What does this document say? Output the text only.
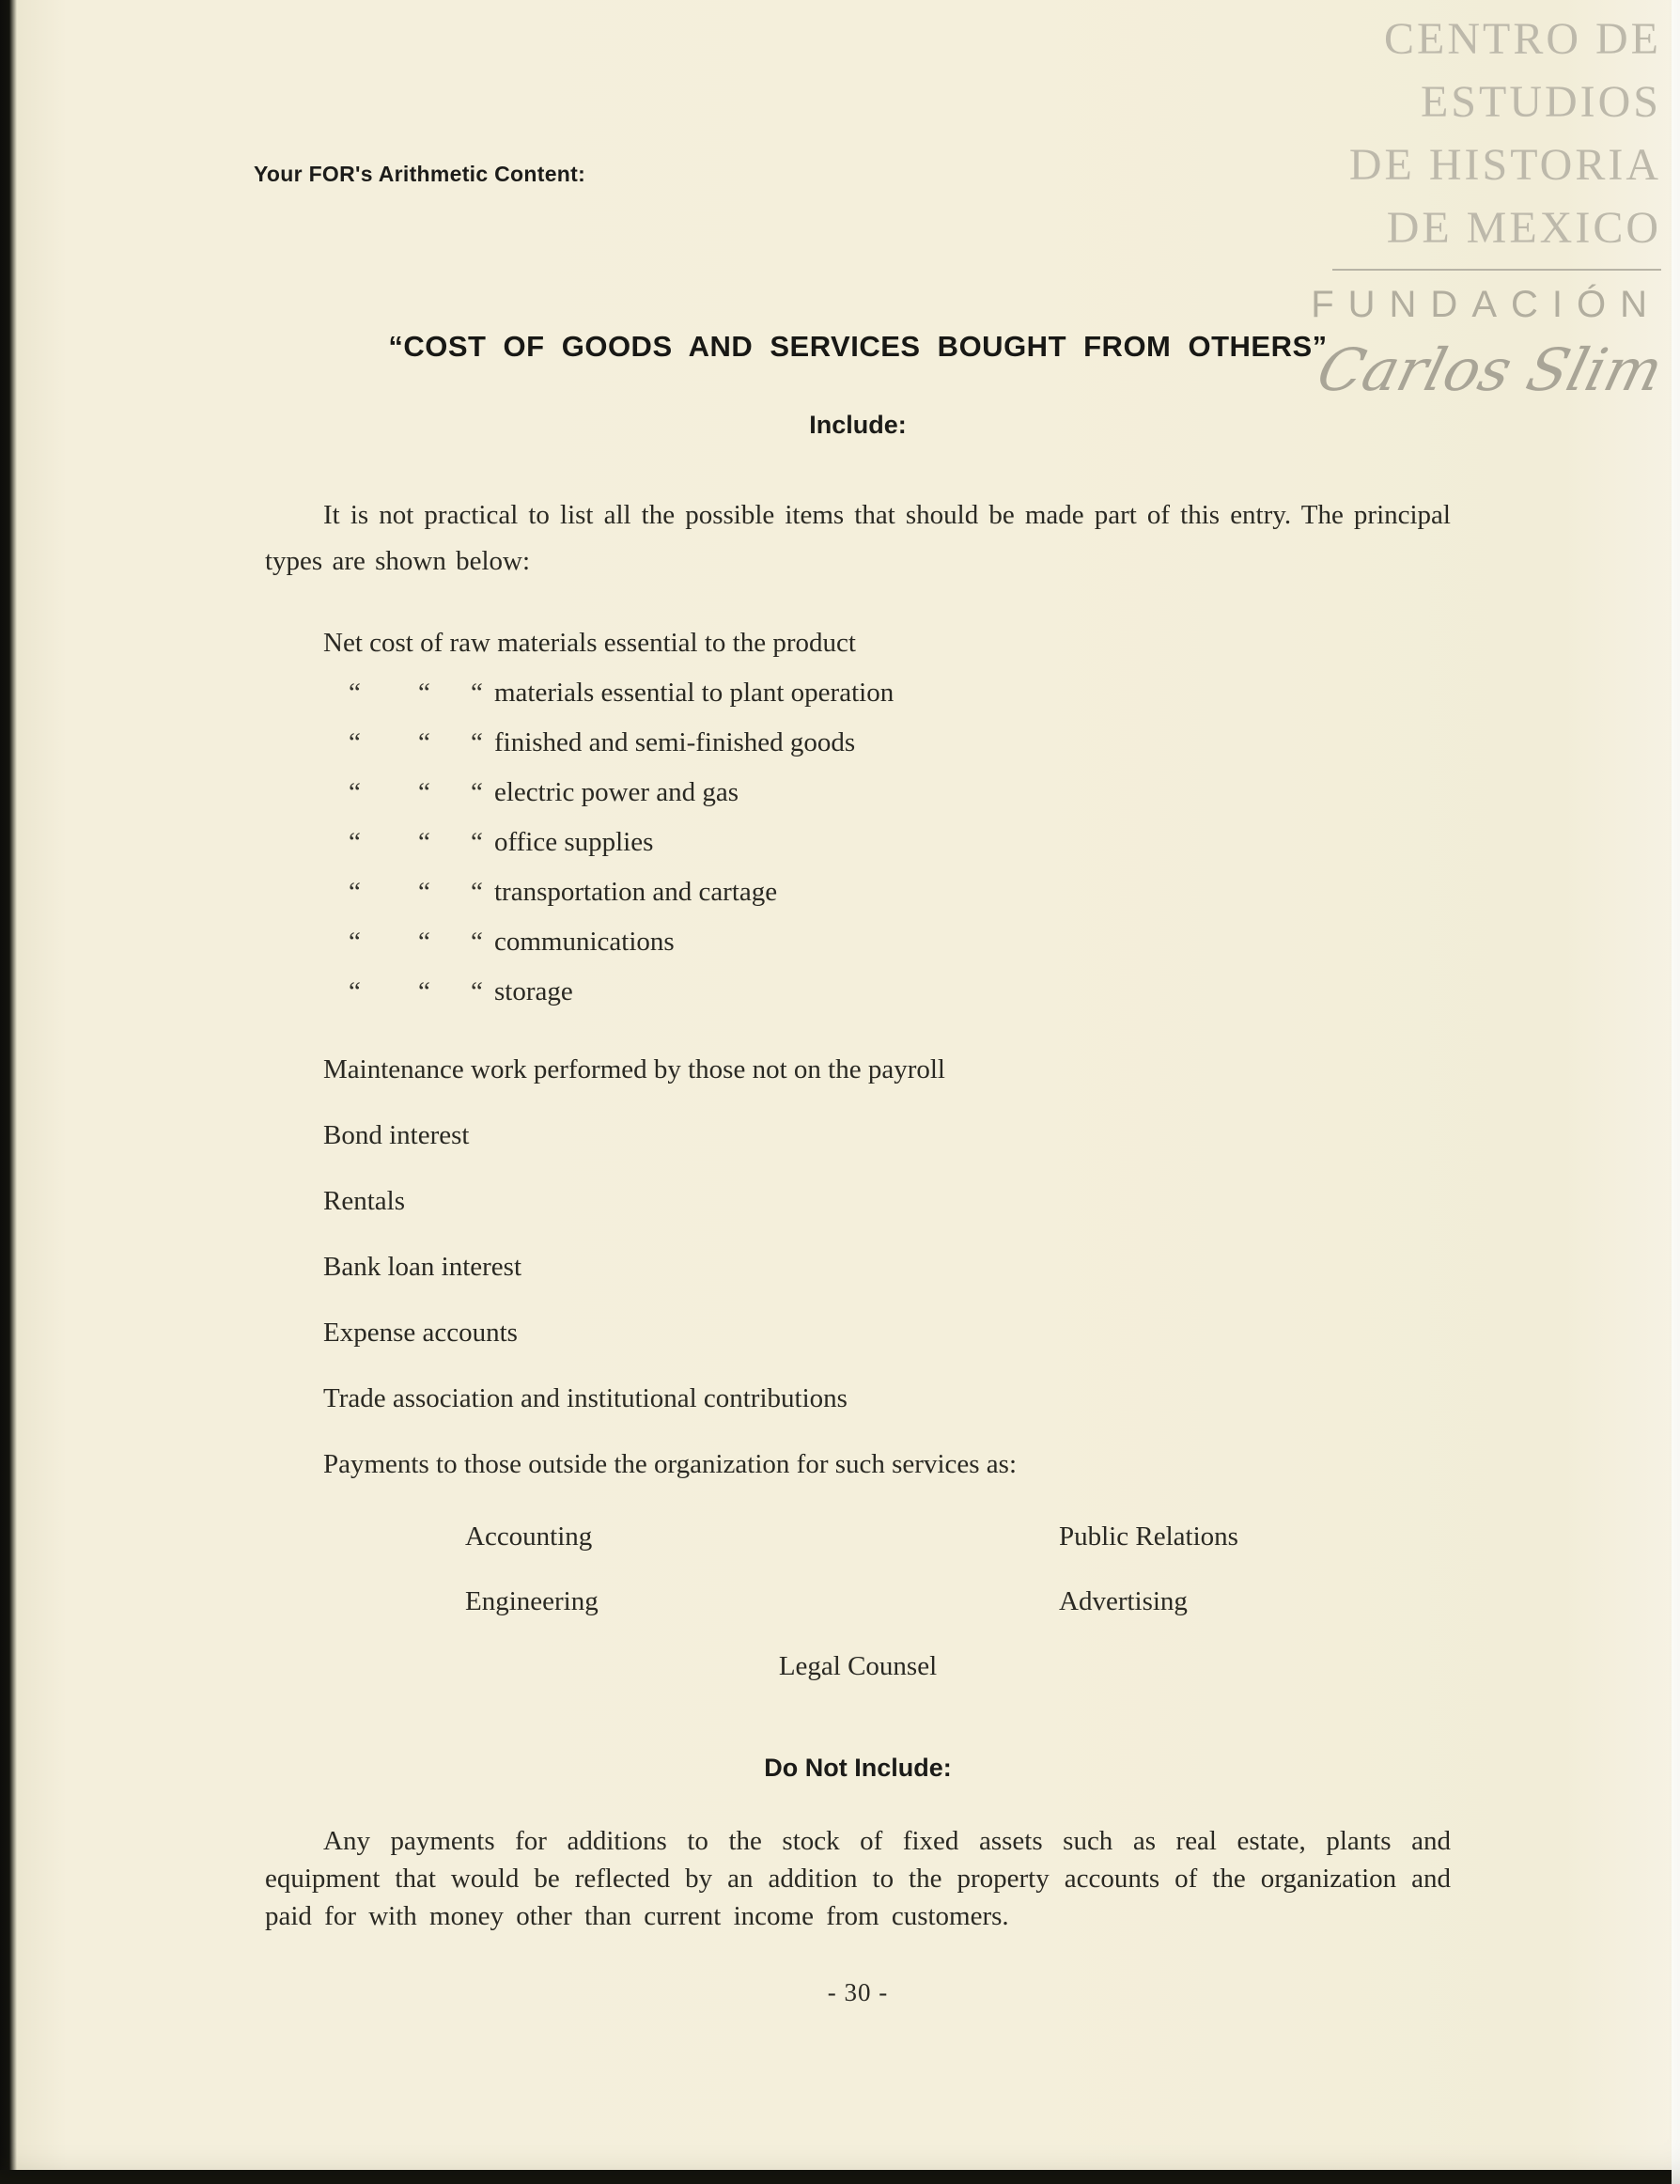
CENTRO DE
ESTUDIOS
DE HISTORIA
DE MEXICO
FUNDACIÓN
Carlos Slim
Your FOR's Arithmetic Content:
“COST OF GOODS AND SERVICES BOUGHT FROM OTHERS”
Include:

It is not practical to list all the possible items that should be made part of this entry. The principal types are shown below:

Net cost of raw materials essential to the product
“ “ “ materials essential to plant operation
“ “ “ finished and semi-finished goods
“ “ “ electric power and gas
“ “ “ office supplies
“ “ “ transportation and cartage
“ “ “ communications
“ “ “ storage
Maintenance work performed by those not on the payroll
Bond interest
Rentals
Bank loan interest
Expense accounts
Trade association and institutional contributions
Payments to those outside the organization for such services as:
Accounting	Public Relations
Engineering	Advertising
Legal Counsel
Do Not Include:

Any payments for additions to the stock of fixed assets such as real estate, plants and equipment that would be reflected by an addition to the property accounts of the organization and paid for with money other than current income from customers.

- 30 -
